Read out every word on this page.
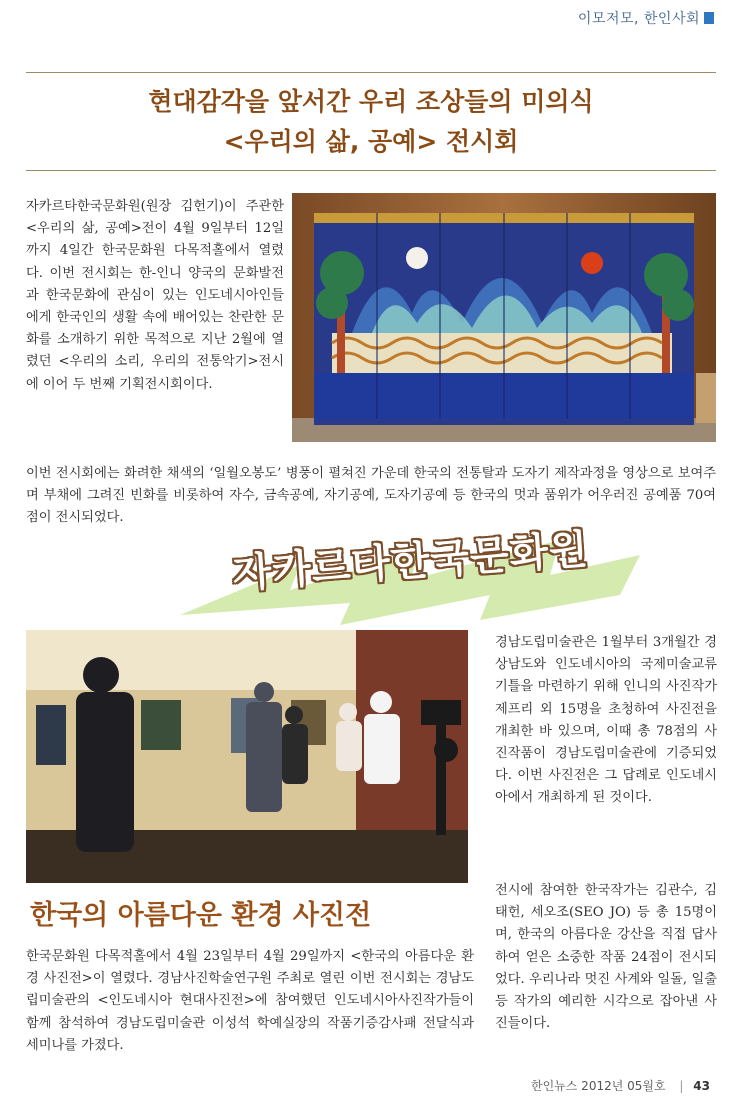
이모저모, 한인사회
현대감각을 앞서간 우리 조상들의 미의식
<우리의 삶, 공예> 전시회

자카르타한국문화원(원장 김헌기)이 주관한 <우리의 삶, 공예>전이 4월 9일부터 12일까지 4일간 한국문화원 다목적홀에서 열렸다. 이번 전시회는 한-인니 양국의 문화발전과 한국문화에 관심이 있는 인도네시아인들에게 한국인의 생활 속에 배어있는 찬란한 문화를 소개하기 위한 목적으로 지난 2월에 열렸던 <우리의 소리, 우리의 전통악기>전시에 이어 두 번째 기획전시회이다.

이번 전시회에는 화려한 채색의 ‘일월오봉도’ 병풍이 펼쳐진 가운데 한국의 전통탈과 도자기 제작과정을 영상으로 보여주며 부채에 그려진 빈화를 비롯하여 자수, 금속공예, 자기공예, 도자기공예 등 한국의 멋과 품위가 어우러진 공예품 70여 점이 전시되었다.

자카르타한국문화원

경남도립미술관은 1월부터 3개월간 경상남도와 인도네시아의 국제미술교류 기틀을 마련하기 위해 인니의 사진작가 제프리 외 15명을 초청하여 사진전을 개최한 바 있으며, 이때 총 78점의 사진작품이 경남도립미술관에 기증되었다. 이번 사진전은 그 답례로 인도네시아에서 개최하게 된 것이다.

전시에 참여한 한국작가는 김관수, 김태헌, 세오조(SEO JO) 등 총 15명이며, 한국의 아름다운 강산을 직접 답사하여 얻은 소중한 작품 24점이 전시되었다. 우리나라 멋진 사계와 일돌, 일출 등 작가의 예리한 시각으로 잡아낸 사진들이다.

한국의 아름다운 환경 사진전

한국문화원 다목적홀에서 4월 23일부터 4월 29일까지 <한국의 아름다운 환경 사진전>이 열렸다. 경남사진학술연구원 주최로 열린 이번 전시회는 경남도립미술관의 <인도네시아 현대사진전>에 참여했던 인도네시아사진작가들이 함께 참석하여 경남도립미술관 이성석 학예실장의 작품기증감사패 전달식과 세미나를 가졌다.

한인뉴스 2012년 05월호 | 43
